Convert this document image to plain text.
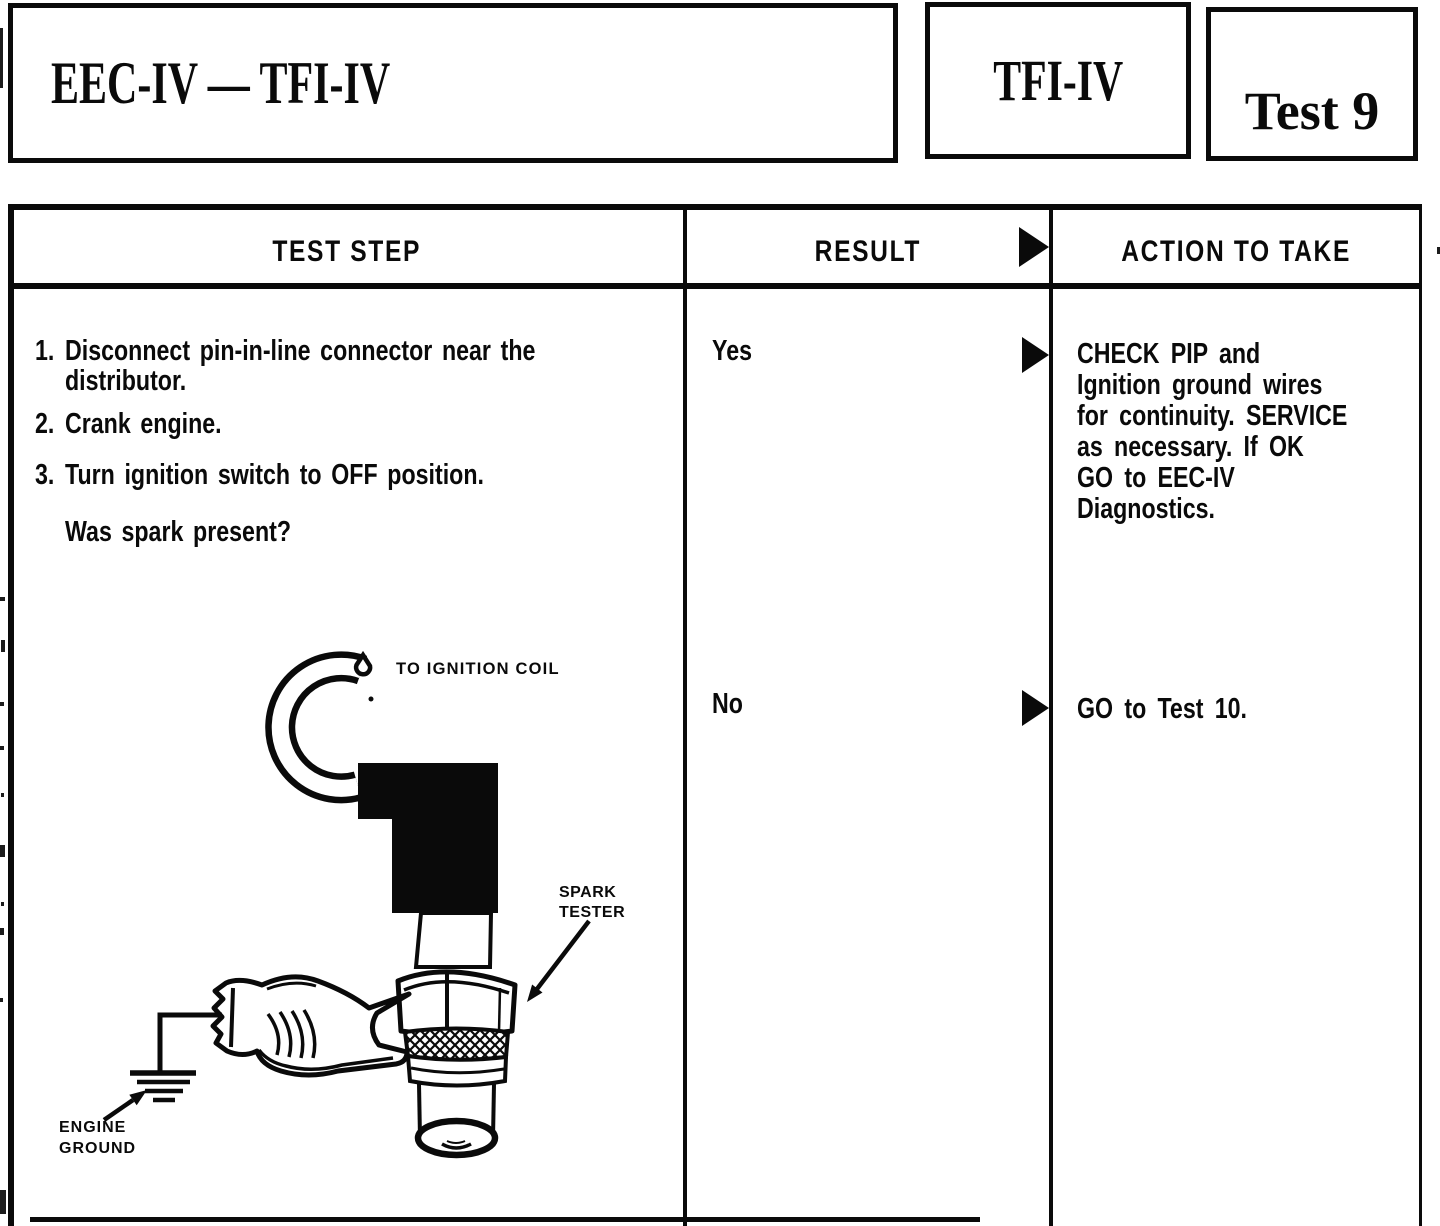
EEC-IV — TFI-IV	TFI-IV Test 9
TEST STEP	RESULT	ACTION TO TAKE
1. Disconnect pin-in-line connector near the
distributor.
2. Crank engine.
3. Turn ignition switch to OFF position.
Was spark present?
Yes	CHECK PIP and
Ignition ground wires
for continuity. SERVICE
as necessary. If OK
GO to EEC-IV
Diagnostics.
No	GO to Test 10.
TO IGNITION COIL
SPARK
TESTER
ENGINE
GROUND
